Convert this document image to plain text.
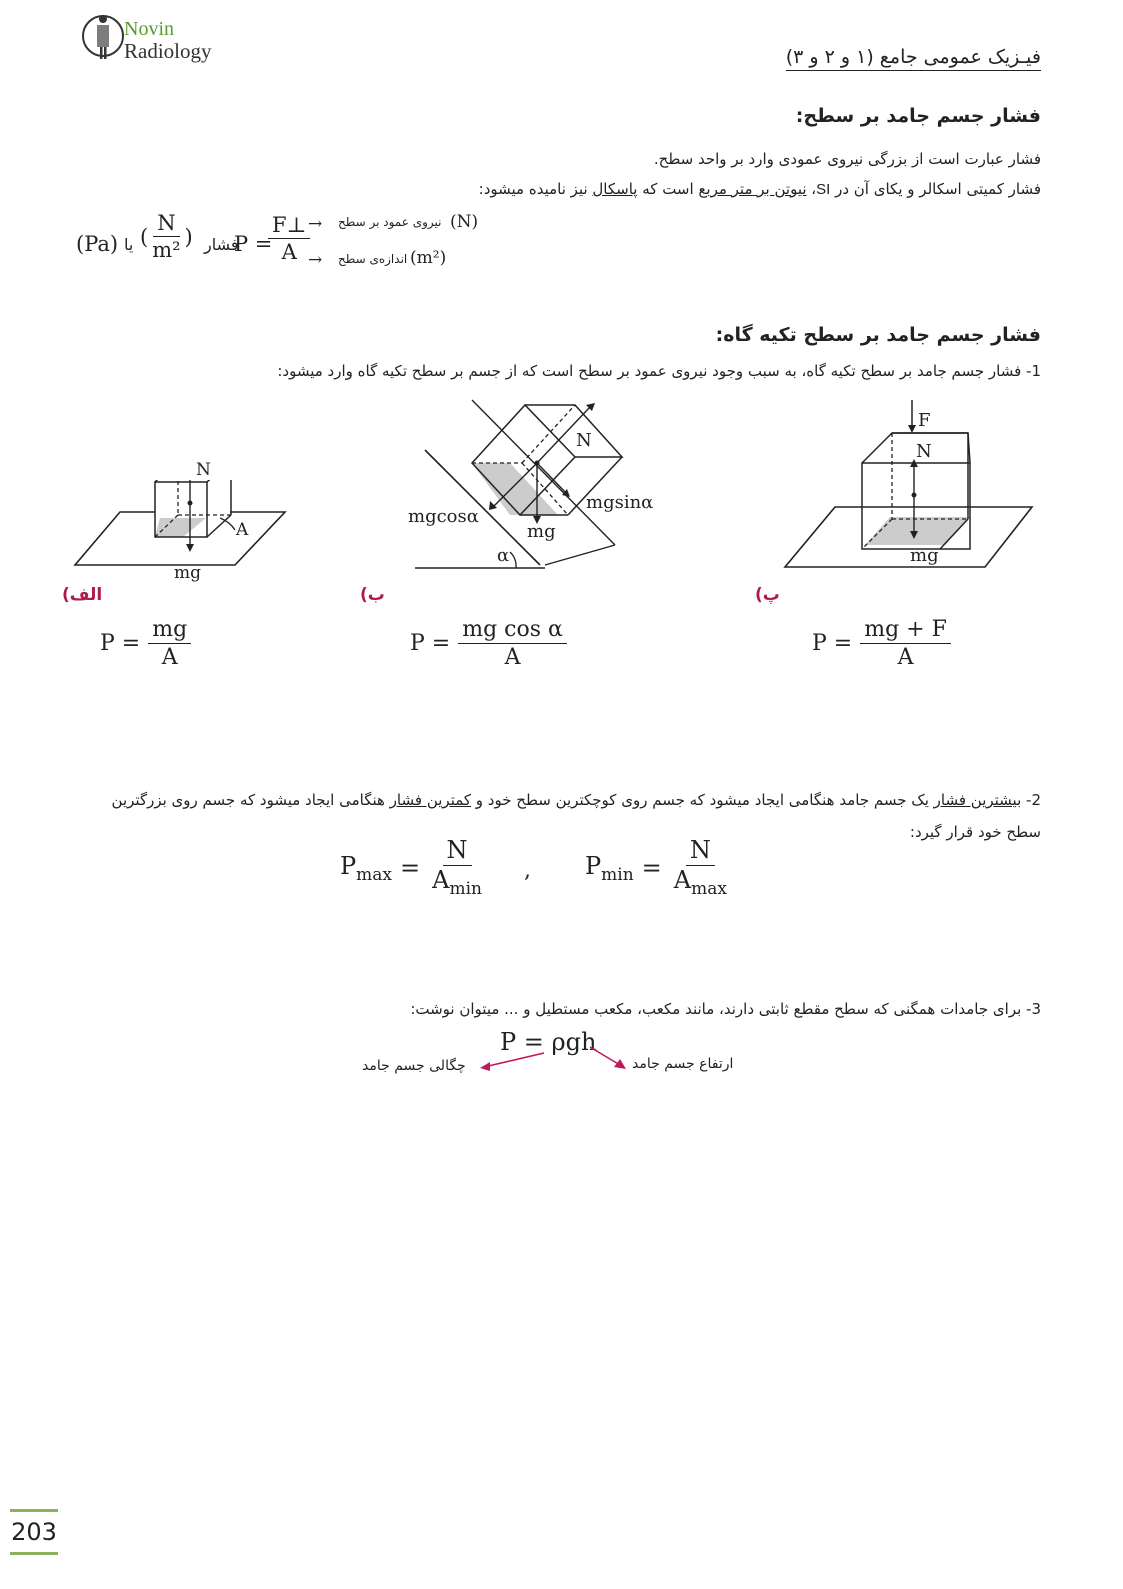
Novin
Radiology	فیـزیک عمومی جامع (۱ و ۲ و ۳)
فشار جسم جامد بر سطح:
فشار عبارت است از بزرگی نیروی عمودی وارد بر واحد سطح.
فشار کمیتی اسکالر و یکای آن در SI، نیوتن بر متر مربع است که پاسکال نیز نامیده میشود:
(Pa) یا ( $\frac{N}{\text{m²}}$ ) فشار
P =
$\frac{F\perp}{A}$
→ نیروی عمود بر سطح (N)
→ اندازه‌ی سطح (m²)
فشار جسم جامد بر سطح تکیه گاه:
1- فشار جسم جامد بر سطح تکیه گاه، به سبب وجود نیروی عمود بر سطح است که از جسم بر سطح تکیه گاه وارد میشود:
N
A
mg
الف)
$P = \frac{mg}{A}$
N
mgcosα
mgsinα
mg
α
ب)
$P = \frac{\text{mg cos α}}{A}$
F
N
mg
پ)
$P = \frac{mg + F}{A}$
2- بیشترین فشار یک جسم جامد هنگامی ایجاد میشود که جسم روی کوچکترین سطح خود و کمترین فشار هنگامی ایجاد میشود که جسم روی بزرگترین
سطح خود قرار گیرد:
$P_{max} = \frac{N}{A_{min}}$ , $P_{min} = \frac{N}{A_{max}}$
3- برای جامدات همگنی که سطح مقطع ثابتی دارند، مانند مکعب، مکعب مستطیل و ... میتوان نوشت:
P = ρgh
چگالی جسم جامد	ارتفاع جسم جامد
203
